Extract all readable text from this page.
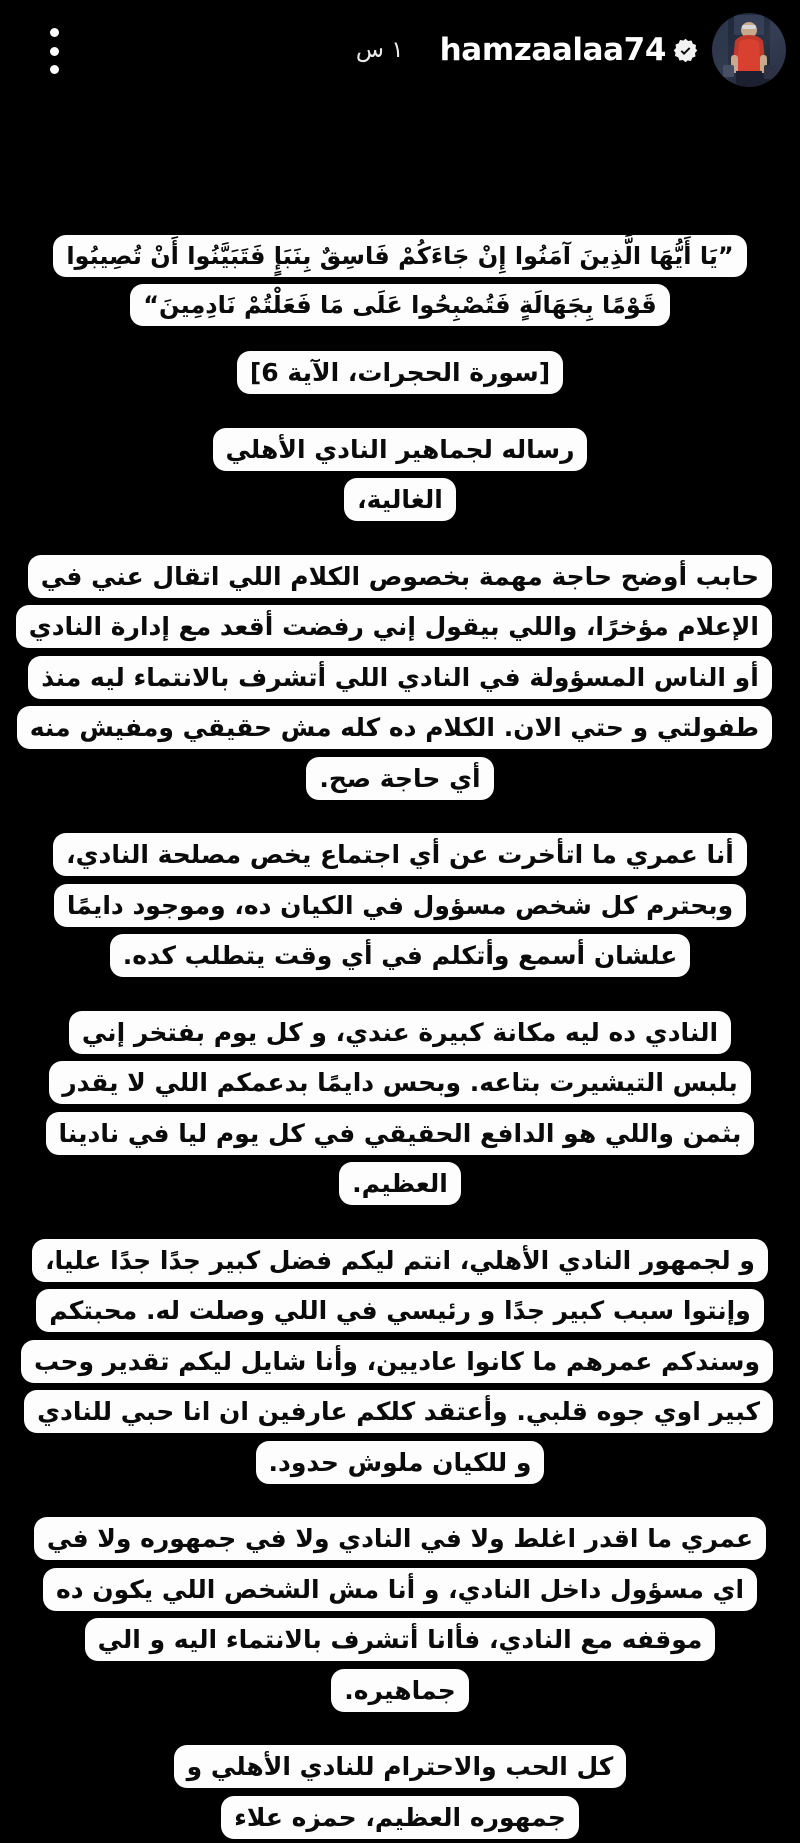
١ س hamzaalaa74
”يَا أَيُّهَا الَّذِينَ آمَنُوا إِنْ جَاءَكُمْ فَاسِقٌ بِنَبَإٍ فَتَبَيَّنُوا أَنْ تُصِيبُوا قَوْمًا بِجَهَالَةٍ فَتُصْبِحُوا عَلَى مَا فَعَلْتُمْ نَادِمِينَ“
[سورة الحجرات، الآية 6]
رساله لجماهير النادي الأهلي الغالية،
حابب أوضح حاجة مهمة بخصوص الكلام اللي اتقال عني في الإعلام مؤخرًا، واللي بيقول إني رفضت أقعد مع إدارة النادي أو الناس المسؤولة في النادي اللي أتشرف بالانتماء ليه منذ طفولتي و حتي الان. الكلام ده كله مش حقيقي ومفيش منه أي حاجة صح.
أنا عمري ما اتأخرت عن أي اجتماع يخص مصلحة النادي، وبحترم كل شخص مسؤول في الكيان ده، وموجود دايمًا علشان أسمع وأتكلم في أي وقت يتطلب كده.
النادي ده ليه مكانة كبيرة عندي، و كل يوم بفتخر إني بلبس التيشيرت بتاعه. وبحس دايمًا بدعمكم اللي لا يقدر بثمن واللي هو الدافع الحقيقي في كل يوم ليا في نادينا العظيم.
و لجمهور النادي الأهلي، انتم ليكم فضل كبير جدًا جدًا عليا، وإنتوا سبب كبير جدًا و رئيسي في اللي وصلت له. محبتكم وسندكم عمرهم ما كانوا عاديين، وأنا شايل ليكم تقدير وحب كبير اوي جوه قلبي. وأعتقد كلكم عارفين ان انا حبي للنادي و للكيان ملوش حدود.
عمري ما اقدر اغلط ولا في النادي ولا في جمهوره ولا في اي مسؤول داخل النادي، و أنا مش الشخص اللي يكون ده موقفه مع النادي، فأانا أتشرف بالانتماء اليه و الي جماهيره.
كل الحب والاحترام للنادي الأهلي و جمهوره العظيم، حمزه علاء
